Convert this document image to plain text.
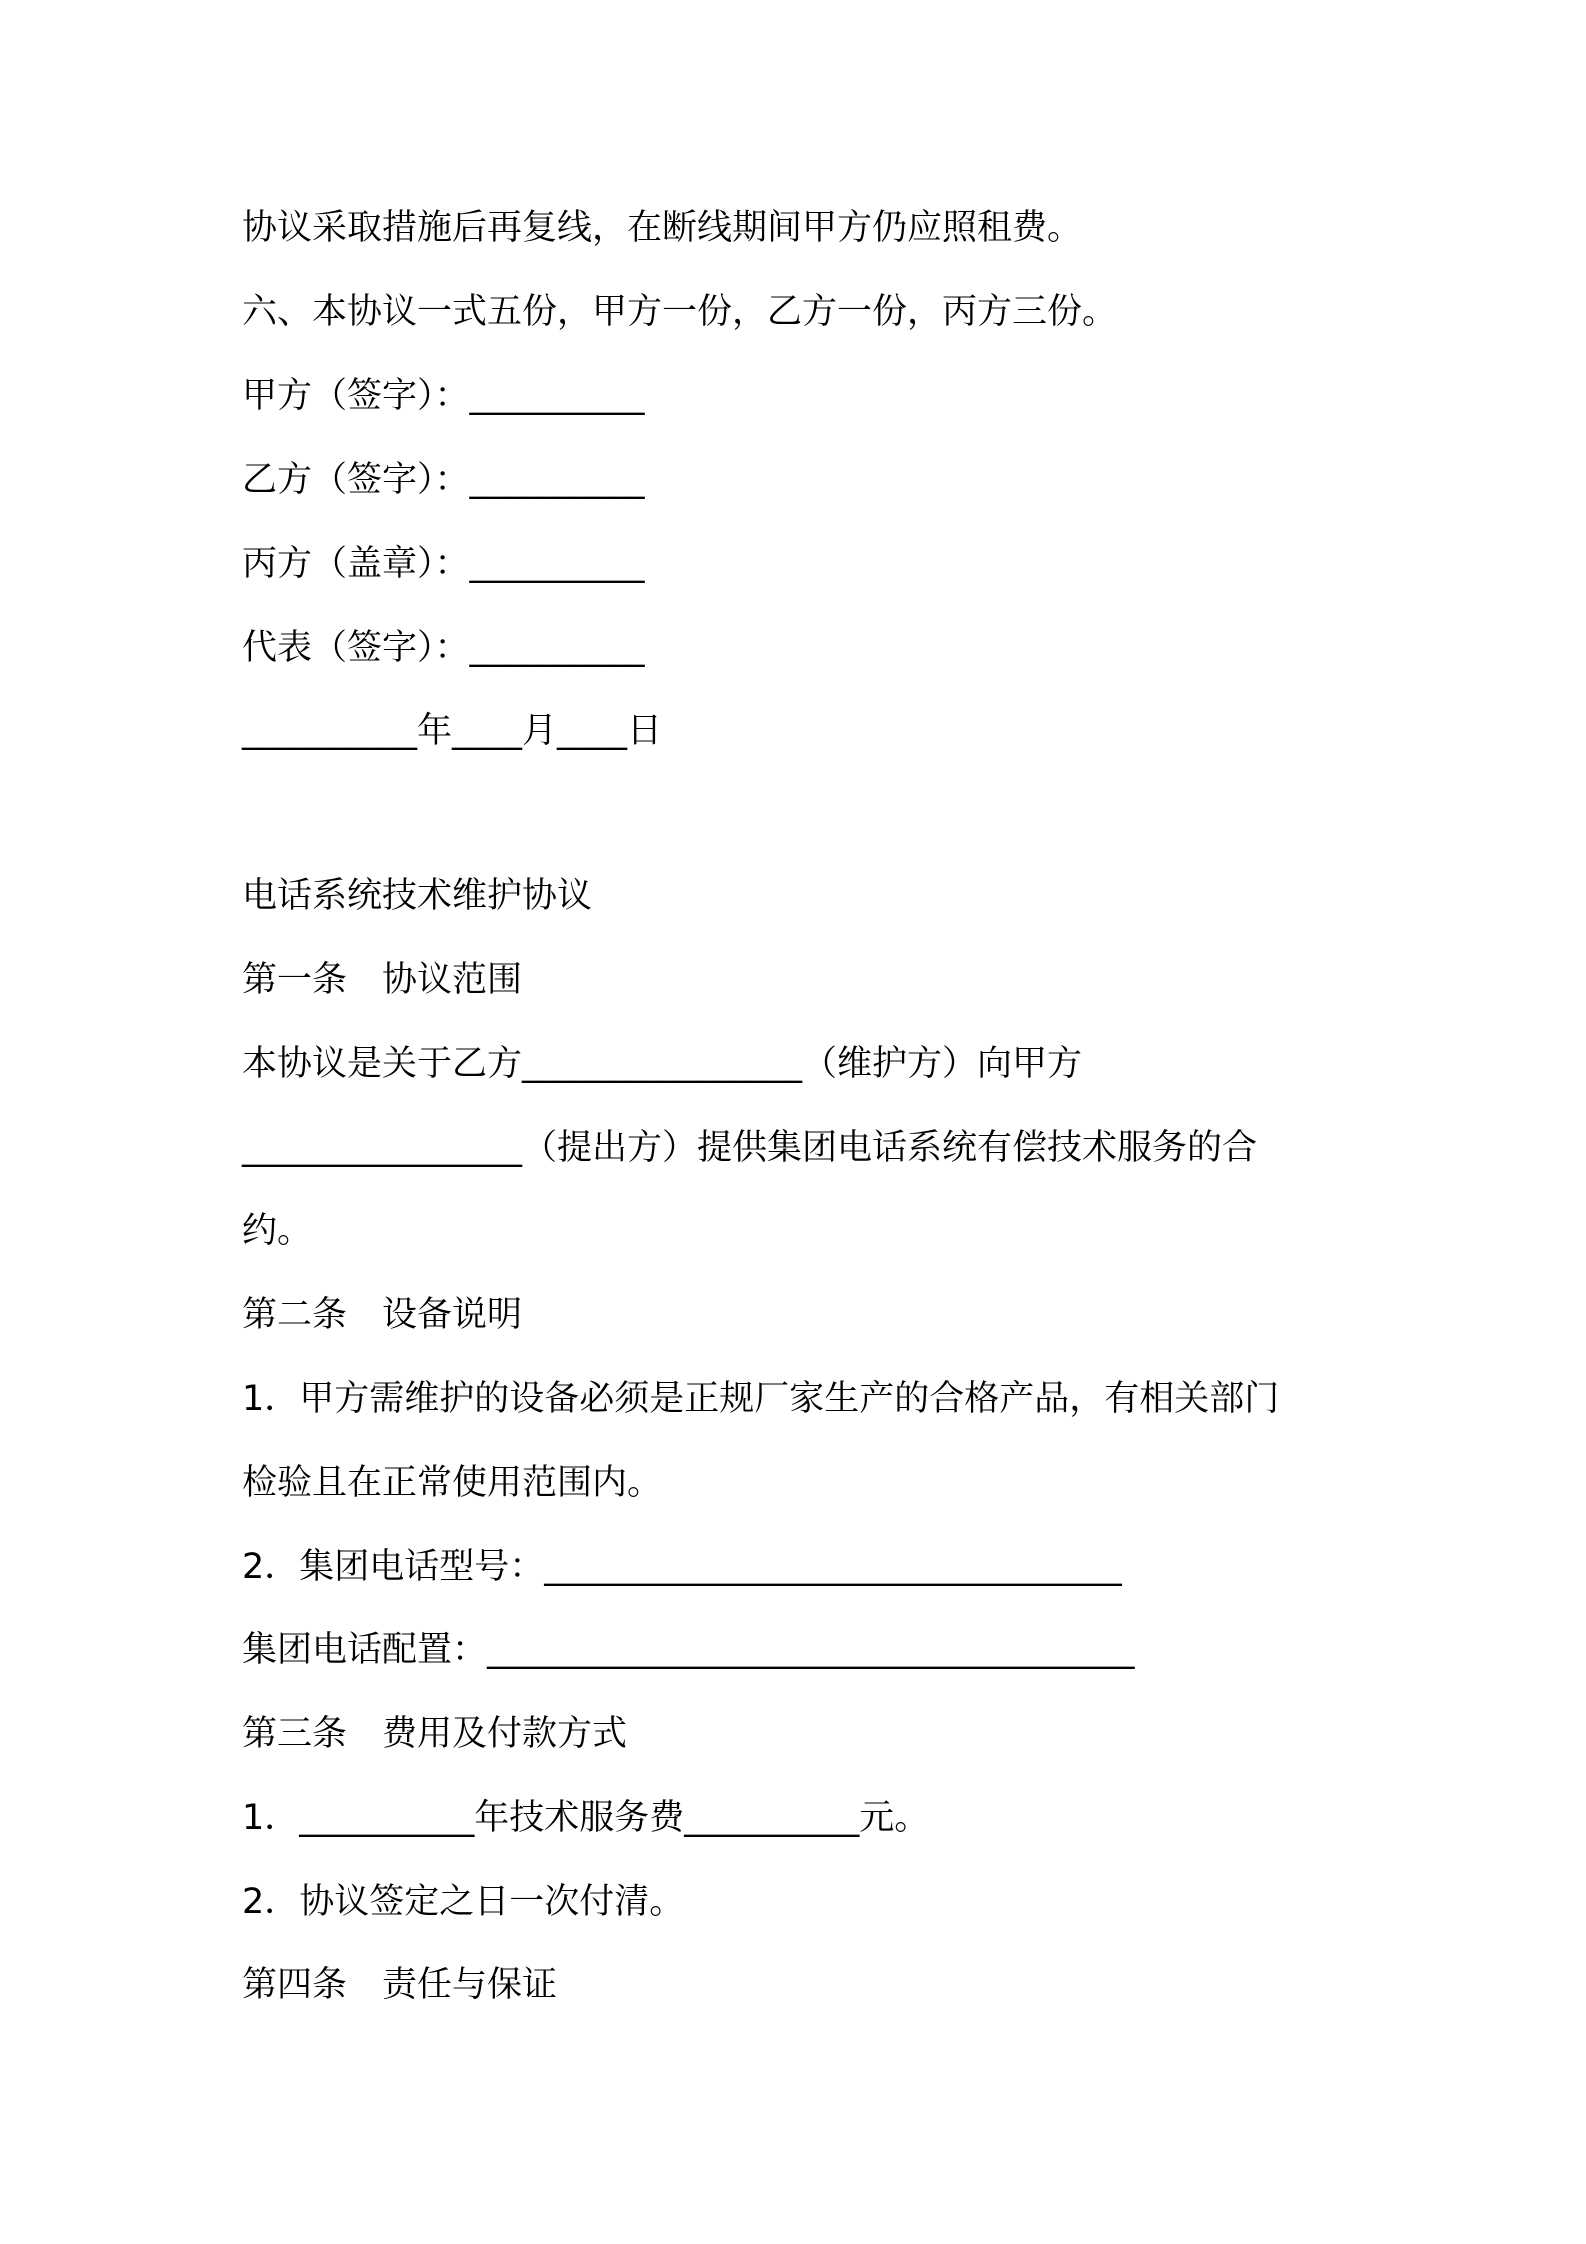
协议采取措施后再复线，在断线期间甲方仍应照租费。

六、本协议一式五份，甲方一份，乙方一份，丙方三份。

甲方（签字）：__________

乙方（签字）：__________

丙方（盖章）：__________

代表（签字）：__________

__________年____月____日

电话系统技术维护协议

第一条　协议范围

本协议是关于乙方________________（维护方）向甲方

________________（提出方）提供集团电话系统有偿技术服务的合

约。

第二条　设备说明

1．甲方需维护的设备必须是正规厂家生产的合格产品，有相关部门

检验且在正常使用范围内。

2．集团电话型号：_________________________________

集团电话配置：_____________________________________

第三条　费用及付款方式

1．__________年技术服务费__________元。

2．协议签定之日一次付清。

第四条　责任与保证
